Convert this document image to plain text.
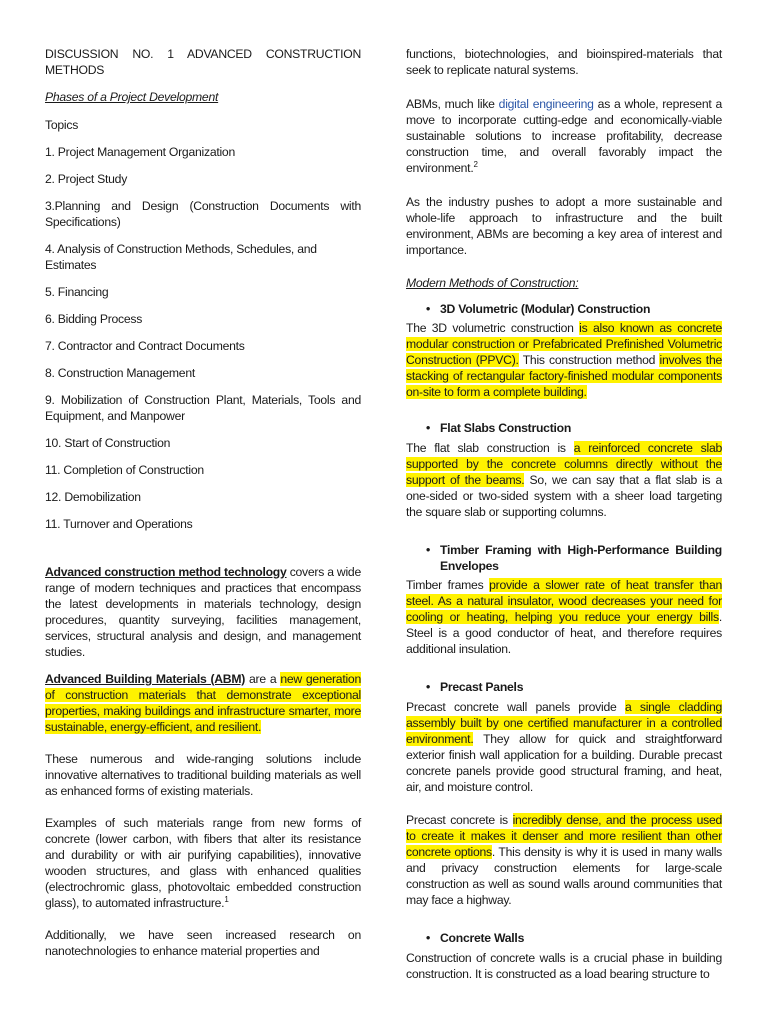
DISCUSSION NO. 1 ADVANCED CONSTRUCTION METHODS

Phases of a Project Development

Topics

1. Project Management Organization

2. Project Study

3.Planning and Design (Construction Documents with Specifications)

4. Analysis of Construction Methods, Schedules, and Estimates

5. Financing

6. Bidding Process

7. Contractor and Contract Documents

8. Construction Management

9. Mobilization of Construction Plant, Materials, Tools and Equipment, and Manpower

10. Start of Construction

11. Completion of Construction

12. Demobilization

11. Turnover and Operations

Advanced construction method technology covers a wide range of modern techniques and practices that encompass the latest developments in materials technology, design procedures, quantity surveying, facilities management, services, structural analysis and design, and management studies.

Advanced Building Materials (ABM) are a new generation of construction materials that demonstrate exceptional properties, making buildings and infrastructure smarter, more sustainable, energy-efficient, and resilient.

These numerous and wide-ranging solutions include innovative alternatives to traditional building materials as well as enhanced forms of existing materials.

Examples of such materials range from new forms of concrete (lower carbon, with fibers that alter its resistance and durability or with air purifying capabilities), innovative wooden structures, and glass with enhanced qualities (electrochromic glass, photovoltaic embedded construction glass), to automated infrastructure.$^1$

Additionally, we have seen increased research on nanotechnologies to enhance material properties and

functions, biotechnologies, and bioinspired-materials that seek to replicate natural systems.

ABMs, much like digital engineering as a whole, represent a move to incorporate cutting-edge and economically-viable sustainable solutions to increase profitability, decrease construction time, and overall favorably impact the environment.$^2$

As the industry pushes to adopt a more sustainable and whole-life approach to infrastructure and the built environment, ABMs are becoming a key area of interest and importance.

Modern Methods of Construction:

• 3D Volumetric (Modular) Construction

The 3D volumetric construction is also known as concrete modular construction or Prefabricated Prefinished Volumetric Construction (PPVC). This construction method involves the stacking of rectangular factory-finished modular components on-site to form a complete building.

• Flat Slabs Construction

The flat slab construction is a reinforced concrete slab supported by the concrete columns directly without the support of the beams. So, we can say that a flat slab is a one-sided or two-sided system with a sheer load targeting the square slab or supporting columns.

• Timber Framing with High-Performance Building Envelopes

Timber frames provide a slower rate of heat transfer than steel. As a natural insulator, wood decreases your need for cooling or heating, helping you reduce your energy bills. Steel is a good conductor of heat, and therefore requires additional insulation.

• Precast Panels

Precast concrete wall panels provide a single cladding assembly built by one certified manufacturer in a controlled environment. They allow for quick and straightforward exterior finish wall application for a building. Durable precast concrete panels provide good structural framing, and heat, air, and moisture control.

Precast concrete is incredibly dense, and the process used to create it makes it denser and more resilient than other concrete options. This density is why it is used in many walls and privacy construction elements for large-scale construction as well as sound walls around communities that may face a highway.

• Concrete Walls

Construction of concrete walls is a crucial phase in building construction. It is constructed as a load bearing structure to
